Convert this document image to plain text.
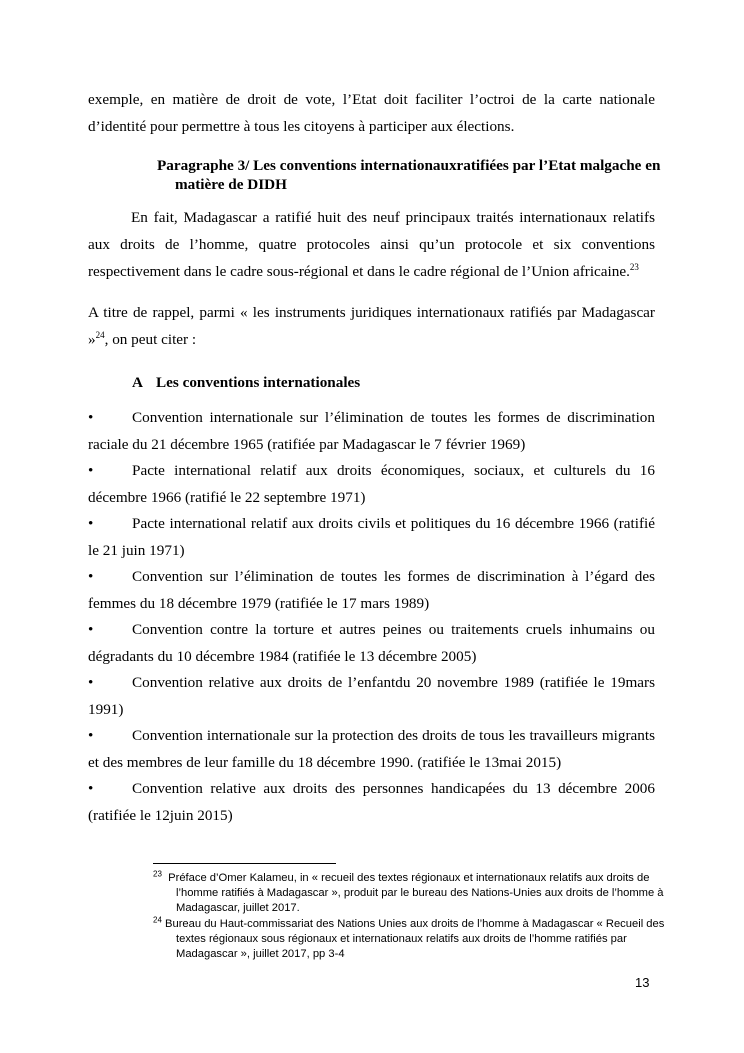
exemple, en matière de droit de vote, l’Etat doit faciliter l’octroi de la carte nationale d’identité pour permettre à tous les citoyens à participer aux élections.

Paragraphe 3/ Les conventions internationauxratifiées par l’Etat malgache en matière de DIDH

En fait, Madagascar a ratifié huit des neuf principaux traités internationaux relatifs aux droits de l’homme, quatre protocoles ainsi qu’un protocole et six conventions respectivement dans le cadre sous-régional et dans le cadre régional de l’Union africaine.$^{23}$

A titre de rappel, parmi « les instruments juridiques internationaux ratifiés par Madagascar »$^{24}$, on peut citer :

A Les conventions internationales
•	Convention internationale sur l’élimination de toutes les formes de discrimination raciale du 21 décembre 1965 (ratifiée par Madagascar le 7 février 1969)
•	Pacte international relatif aux droits économiques, sociaux, et culturels du 16 décembre 1966 (ratifié le 22 septembre 1971)
•	Pacte international relatif aux droits civils et politiques du 16 décembre 1966 (ratifié le 21 juin 1971)
•	Convention sur l’élimination de toutes les formes de discrimination à l’égard des femmes du 18 décembre 1979 (ratifiée le 17 mars 1989)
•	Convention contre la torture et autres peines ou traitements cruels inhumains ou dégradants du 10 décembre 1984 (ratifiée le 13 décembre 2005)
•	Convention relative aux droits de l’enfantdu 20 novembre 1989 (ratifiée le 19mars 1991)
•	Convention internationale sur la protection des droits de tous les travailleurs migrants et des membres de leur famille du 18 décembre 1990. (ratifiée le 13mai 2015)
•	Convention relative aux droits des personnes handicapées du 13 décembre 2006 (ratifiée le 12juin 2015)
$^{23}$ Préface d’Omer Kalameu, in « recueil des textes régionaux et internationaux relatifs aux droits de l’homme ratifiés à Madagascar », produit par le bureau des Nations-Unies aux droits de l’homme à Madagascar, juillet 2017.
$^{24}$ Bureau du Haut-commissariat des Nations Unies aux droits de l’homme à Madagascar « Recueil des textes régionaux sous régionaux et internationaux relatifs aux droits de l’homme ratifiés par Madagascar », juillet 2017, pp 3-4
13
